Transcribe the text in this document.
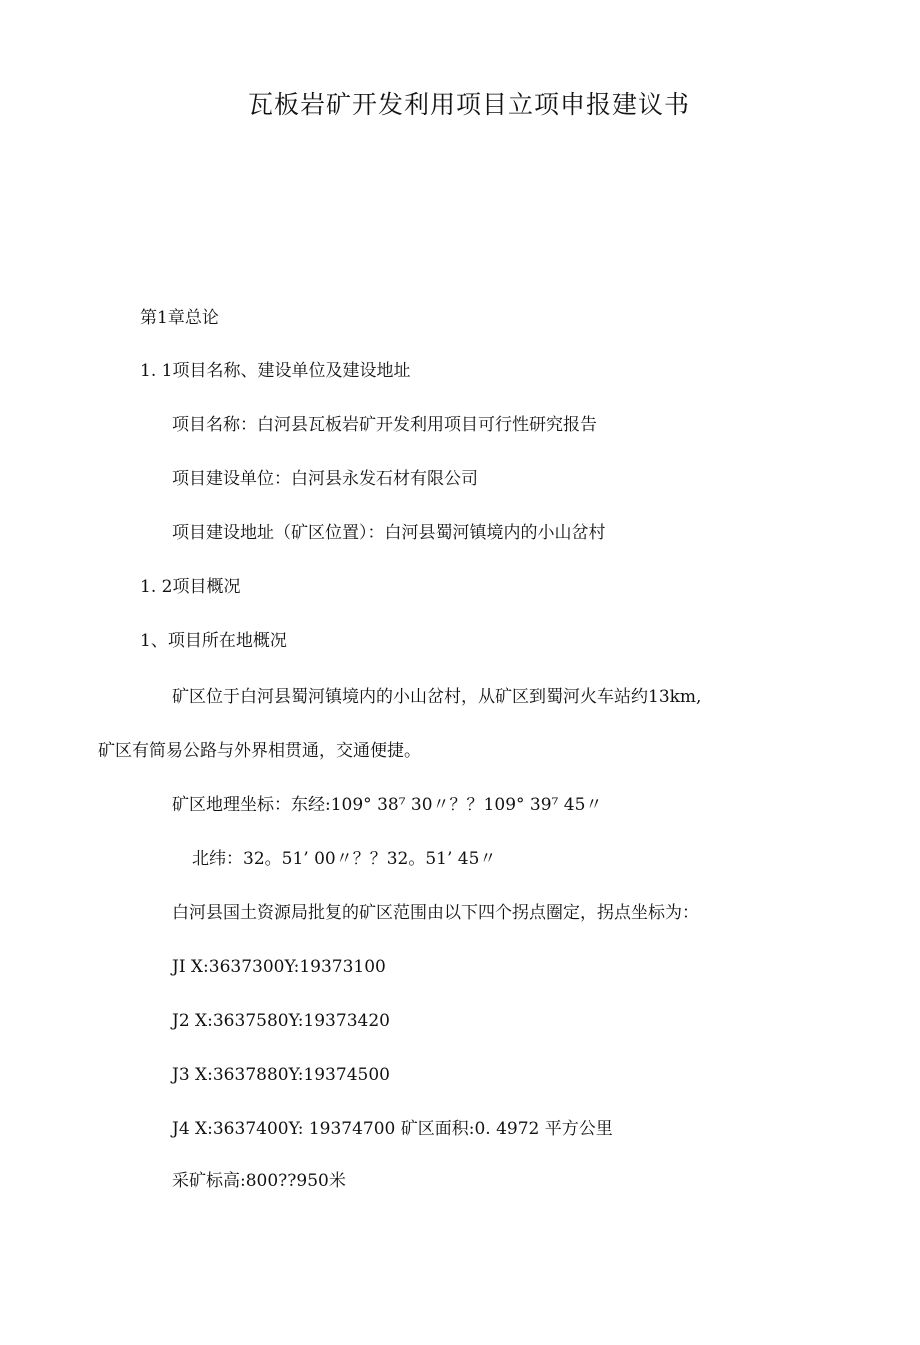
瓦板岩矿开发利用项目立项申报建议书
第1章总论
1. 1项目名称、建设单位及建设地址
项目名称：白河县瓦板岩矿开发利用项目可行性研究报告
项目建设单位：白河县永发石材有限公司
项目建设地址（矿区位置）：白河县蜀河镇境内的小山岔村
1. 2项目概况
1、项目所在地概况
矿区位于白河县蜀河镇境内的小山岔村，从矿区到蜀河火车站约13km,
矿区有简易公路与外界相贯通，交通便捷。
矿区地理坐标：东经:109° 38⁷ 30〃？？109° 39⁷ 45〃
北纬：32。51’ 00〃？？32。51’ 45〃
白河县国土资源局批复的矿区范围由以下四个拐点圈定，拐点坐标为：
JI X:3637300Y:19373100
J2 X:3637580Y:19373420
J3 X:3637880Y:19374500
J4 X:3637400Y: 19374700 矿区面积:0. 4972 平方公里
采矿标高:800??950米
